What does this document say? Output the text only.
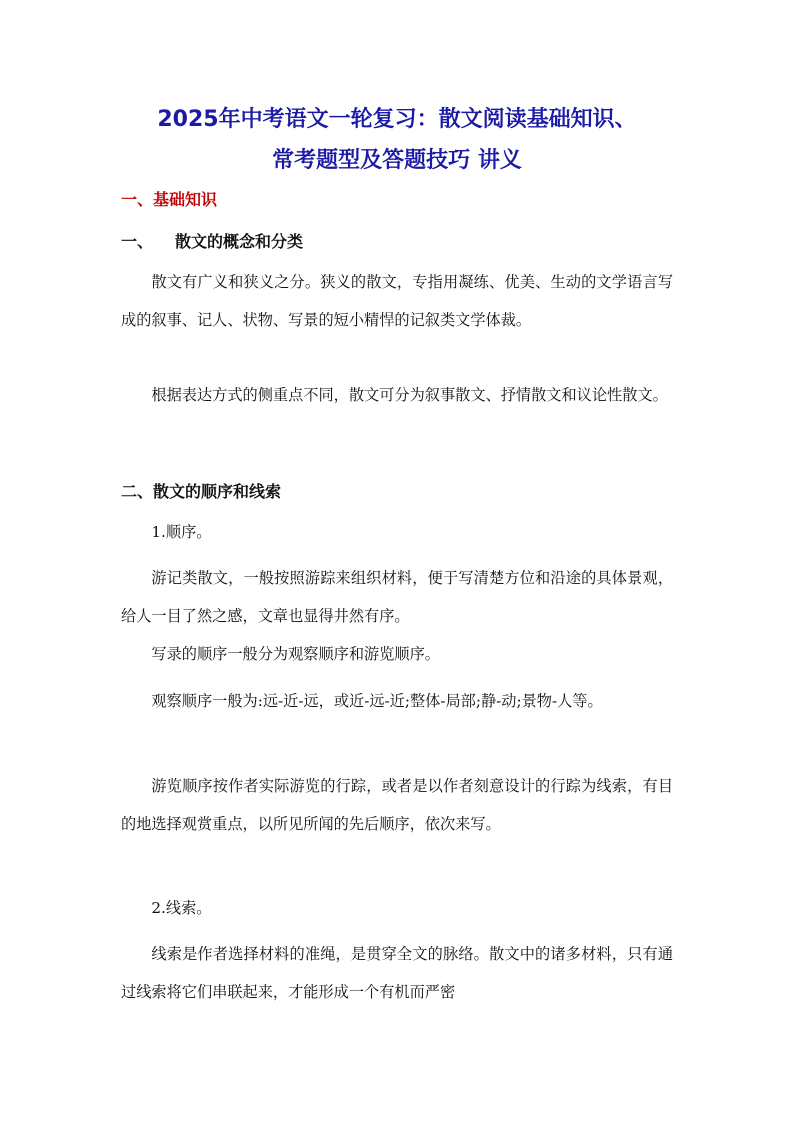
2025年中考语文一轮复习：散文阅读基础知识、
常考题型及答题技巧 讲义
一、基础知识
一、 散文的概念和分类

散文有广义和狭义之分。狭义的散文，专指用凝练、优美、生动的文学语言写成的叙事、记人、状物、写景的短小精悍的记叙类文学体裁。

根据表达方式的侧重点不同，散文可分为叙事散文、抒情散文和议论性散文。

二、散文的顺序和线索

1.顺序。

游记类散文，一般按照游踪来组织材料，便于写清楚方位和沿途的具体景观，给人一目了然之感，文章也显得井然有序。

写录的顺序一般分为观察顺序和游览顺序。

观察顺序一般为:远-近-远，或近-远-近;整体-局部;静-动;景物-人等。

游览顺序按作者实际游览的行踪，或者是以作者刻意设计的行踪为线索，有目的地选择观赏重点，以所见所闻的先后顺序，依次来写。

2.线索。

线索是作者选择材料的准绳，是贯穿全文的脉络。散文中的诸多材料，只有通过线索将它们串联起来，才能形成一个有机而严密
